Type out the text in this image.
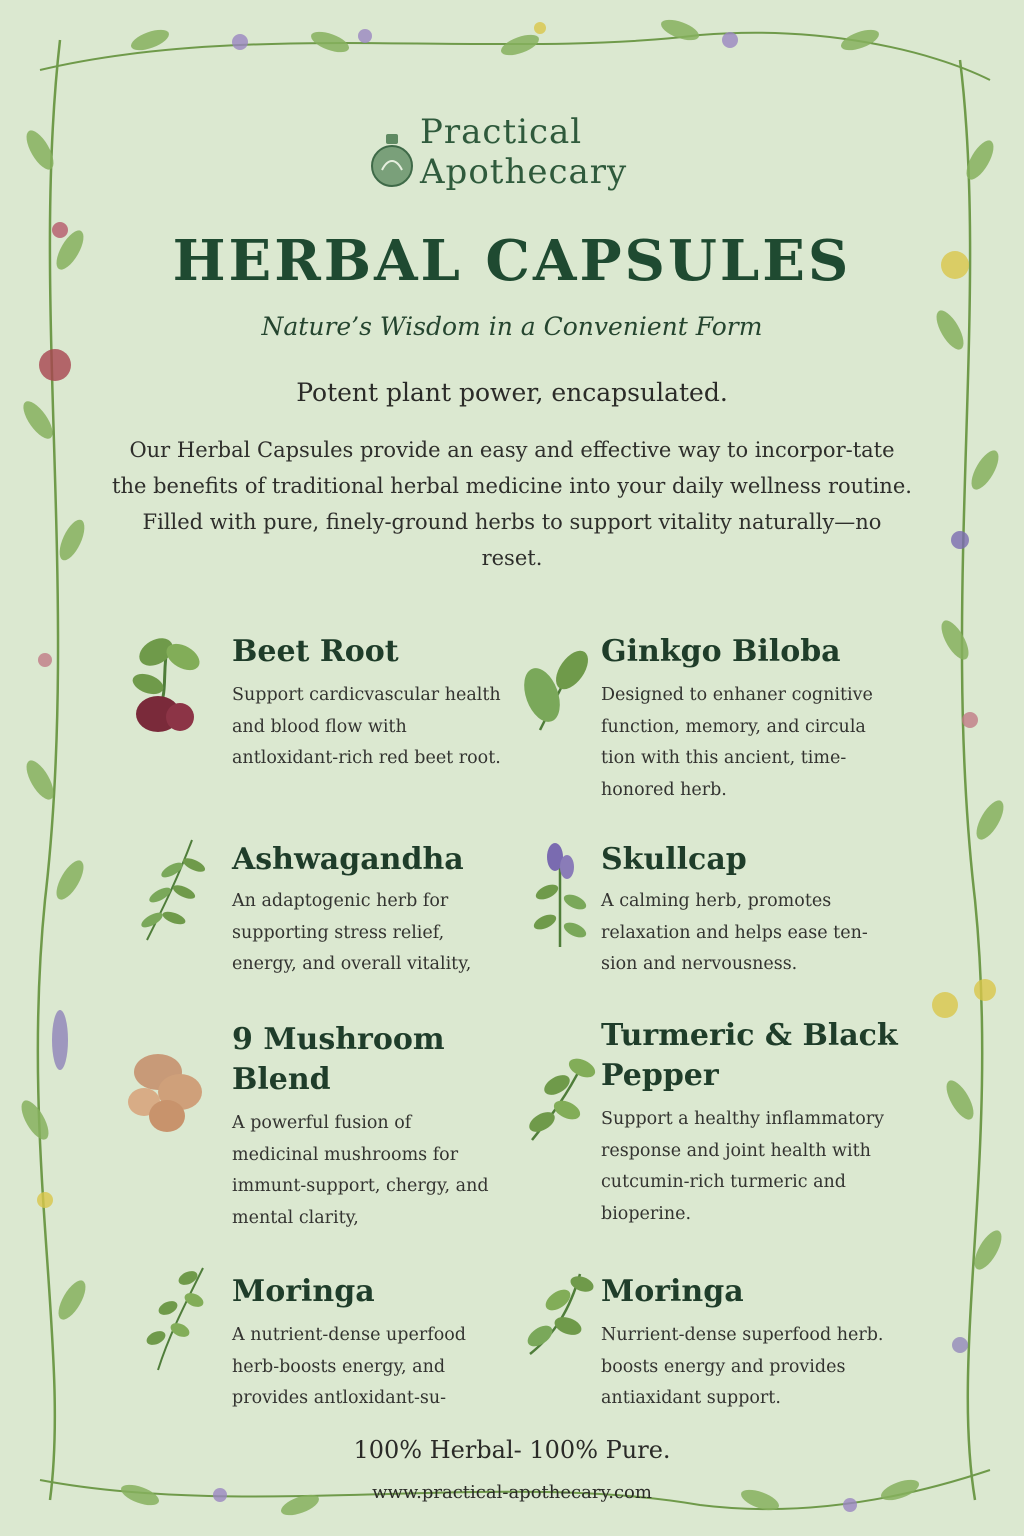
Practical
Apothecary
HERBAL CAPSULES
Nature’s Wisdom in a Convenient Form
Potent plant power, encapsulated.
Our Herbal Capsules provide an easy and effective way to incorpor-tate the benefits of traditional herbal medicine into your daily wellness routine. Filled with pure, finely-ground herbs to support vitality naturally—no reset.
Beet Root
Support cardicvascular health and blood flow with antloxidant-rich red beet root.
Ginkgo Biloba
Designed to enhaner cognitive function, memory, and circula tion with this ancient, time-honored herb.
Ashwagandha
An adaptogenic herb for supporting stress relief, energy, and overall vitality,
Skullcap
A calming herb, promotes relaxation and helps ease ten-sion and nervousness.
9 Mushroom Blend
A powerful fusion of medicinal mushrooms for immunt-support, chergy, and mental clarity,
Turmeric & Black Pepper
Support a healthy inflammatory response and joint health with cutcumin-rich turmeric and bioperine.
Moringa
A nutrient-dense uperfood herb-boosts energy, and provides antloxidant-su-
Moringa
Nurrient-dense superfood herb. boosts energy and provides antiaxidant support.
100% Herbal- 100% Pure.
www.practical-apothecary.com
